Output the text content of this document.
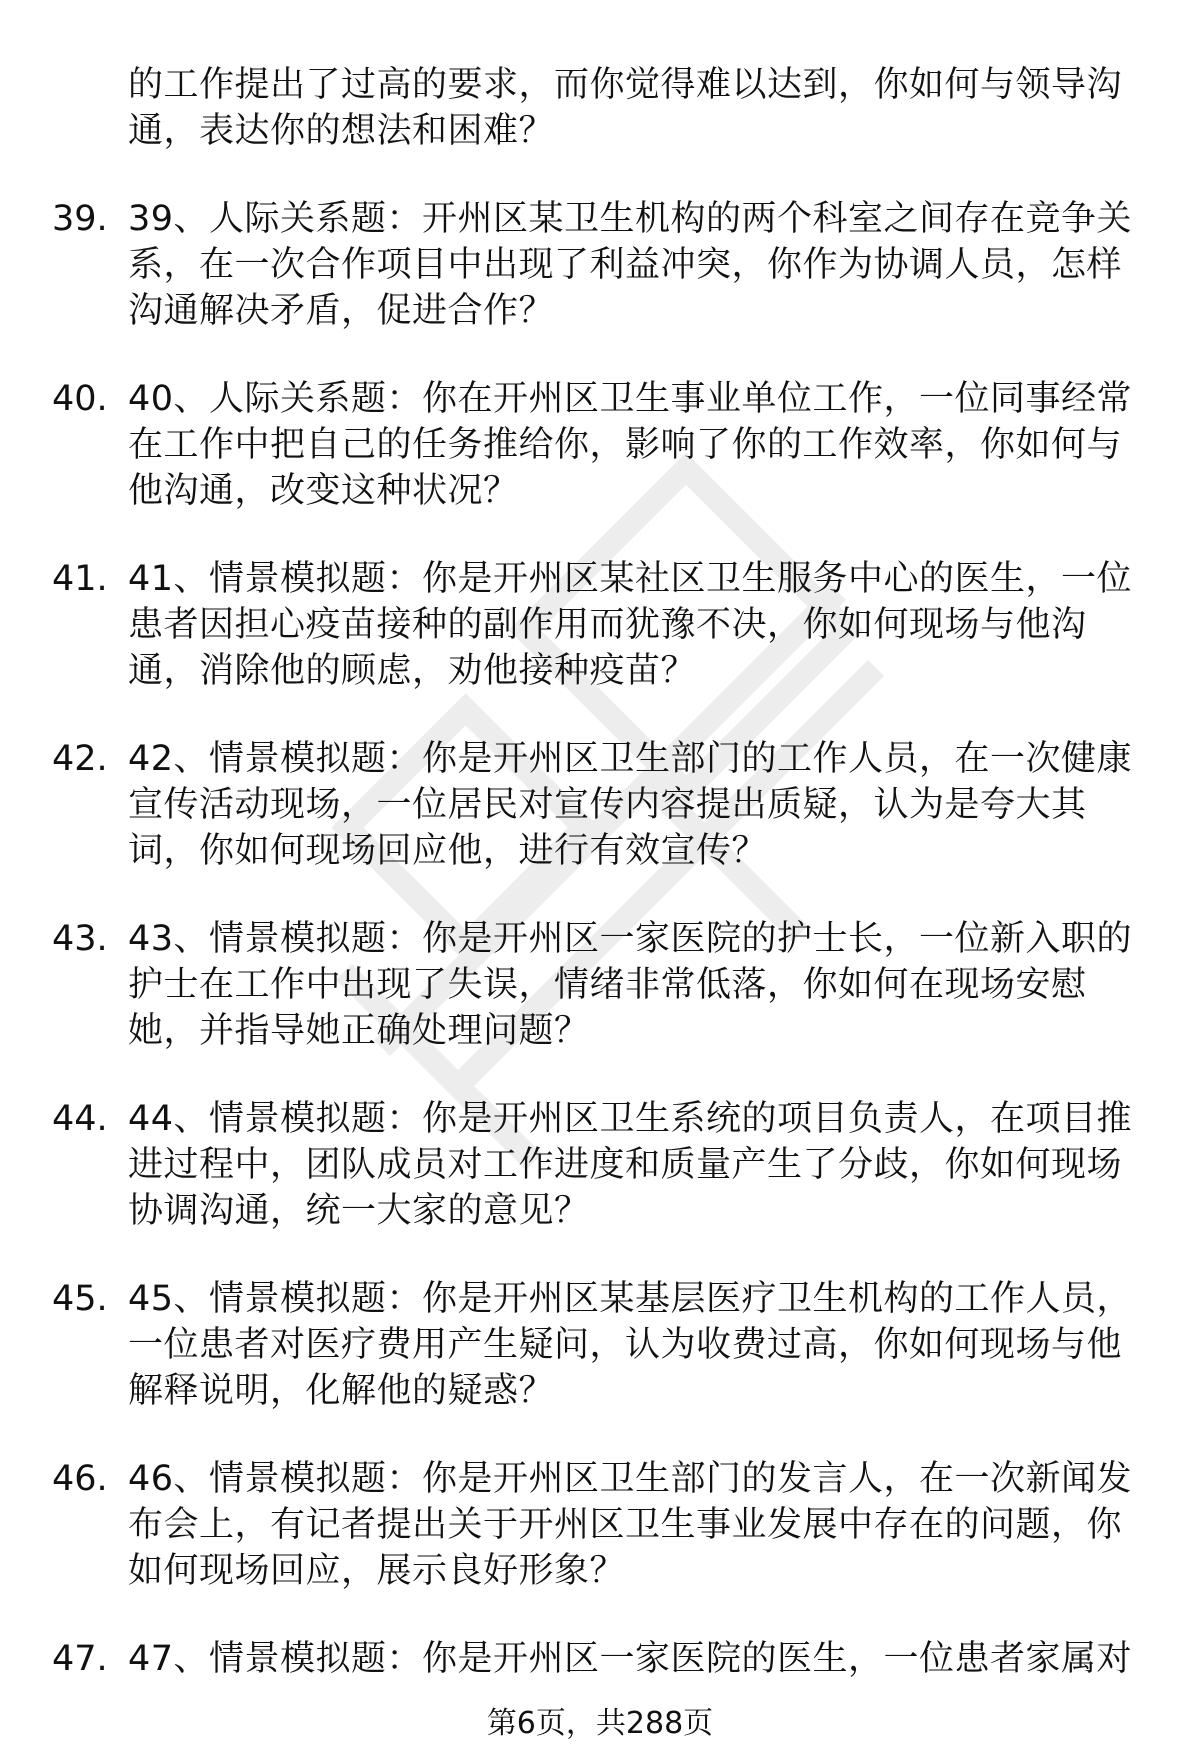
的工作提出了过高的要求，而你觉得难以达到，你如何与领导沟通，表达你的想法和困难？
39. 39、人际关系题：开州区某卫生机构的两个科室之间存在竞争关系，在一次合作项目中出现了利益冲突，你作为协调人员，怎样沟通解决矛盾，促进合作？
40. 40、人际关系题：你在开州区卫生事业单位工作，一位同事经常在工作中把自己的任务推给你，影响了你的工作效率，你如何与他沟通，改变这种状况？
41. 41、情景模拟题：你是开州区某社区卫生服务中心的医生，一位患者因担心疫苗接种的副作用而犹豫不决，你如何现场与他沟通，消除他的顾虑，劝他接种疫苗？
42. 42、情景模拟题：你是开州区卫生部门的工作人员，在一次健康宣传活动现场，一位居民对宣传内容提出质疑，认为是夸大其词，你如何现场回应他，进行有效宣传？
43. 43、情景模拟题：你是开州区一家医院的护士长，一位新入职的护士在工作中出现了失误，情绪非常低落，你如何在现场安慰她，并指导她正确处理问题？
44. 44、情景模拟题：你是开州区卫生系统的项目负责人，在项目推进过程中，团队成员对工作进度和质量产生了分歧，你如何现场协调沟通，统一大家的意见？
45. 45、情景模拟题：你是开州区某基层医疗卫生机构的工作人员，一位患者对医疗费用产生疑问，认为收费过高，你如何现场与他解释说明，化解他的疑惑？
46. 46、情景模拟题：你是开州区卫生部门的发言人，在一次新闻发布会上，有记者提出关于开州区卫生事业发展中存在的问题，你如何现场回应，展示良好形象？
47. 47、情景模拟题：你是开州区一家医院的医生，一位患者家属对
第6页，共288页
